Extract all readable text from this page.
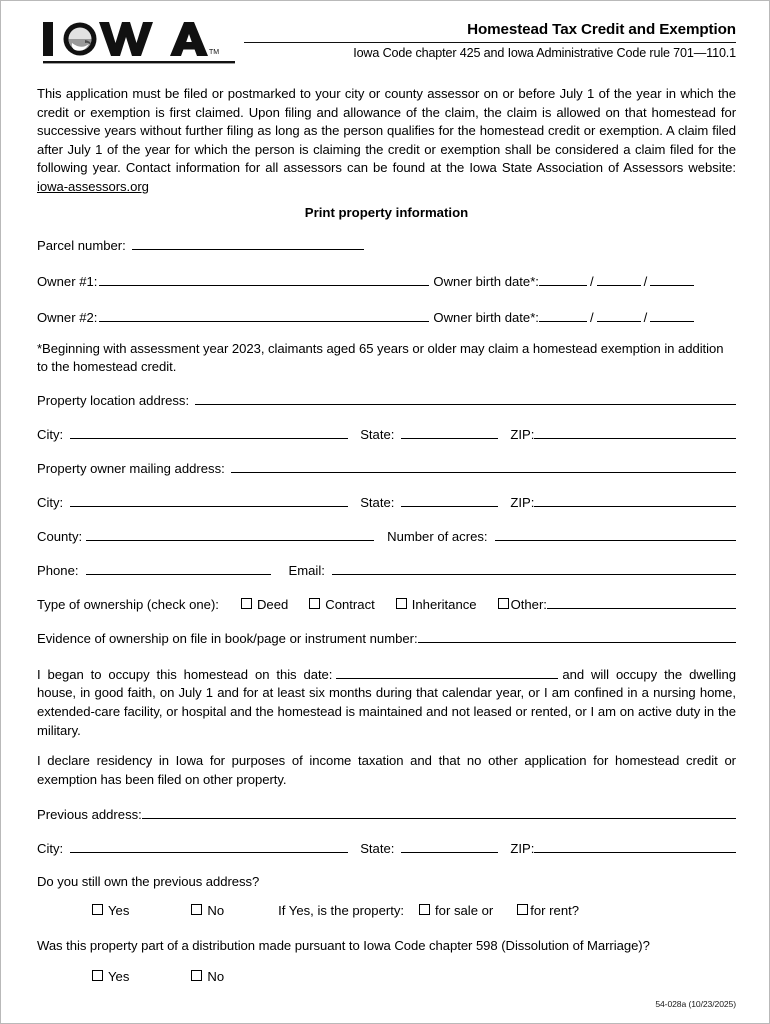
TM
Homestead Tax Credit and Exemption
Iowa Code chapter 425 and Iowa Administrative Code rule 701—110.1
This application must be filed or postmarked to your city or county assessor on or before July 1 of the year in which the credit or exemption is first claimed. Upon filing and allowance of the claim, the claim is allowed on that homestead for successive years without further filing as long as the person qualifies for the homestead credit or exemption. A claim filed after July 1 of the year for which the person is claiming the credit or exemption shall be considered a claim filed for the following year. Contact information for all assessors can be found at the Iowa State Association of Assessors website: iowa-assessors.org
Print property information
Parcel number:
Owner #1:	Owner birth date*:	/	/
Owner #2:	Owner birth date*:	/	/
*Beginning with assessment year 2023, claimants aged 65 years or older may claim a homestead exemption in addition to the homestead credit.
Property location address:
City:	State:	ZIP:
Property owner mailing address:
City:	State:	ZIP:
County:	Number of acres:
Phone:	Email:
Type of ownership (check one):	Deed	Contract	Inheritance	Other:
Evidence of ownership on file in book/page or instrument number:
I began to occupy this homestead on this date:	and will occupy the dwelling house, in good faith, on July 1 and for at least six months during that calendar year, or I am confined in a nursing home, extended-care facility, or hospital and the homestead is maintained and not leased or rented, or I am on active duty in the military.
I declare residency in Iowa for purposes of income taxation and that no other application for homestead credit or exemption has been filed on other property.
Previous address:
City:	State:	ZIP:
Do you still own the previous address?
Yes	No	If Yes, is the property:	for sale or	for rent?
Was this property part of a distribution made pursuant to Iowa Code chapter 598 (Dissolution of Marriage)?
Yes	No
54-028a (10/23/2025)
